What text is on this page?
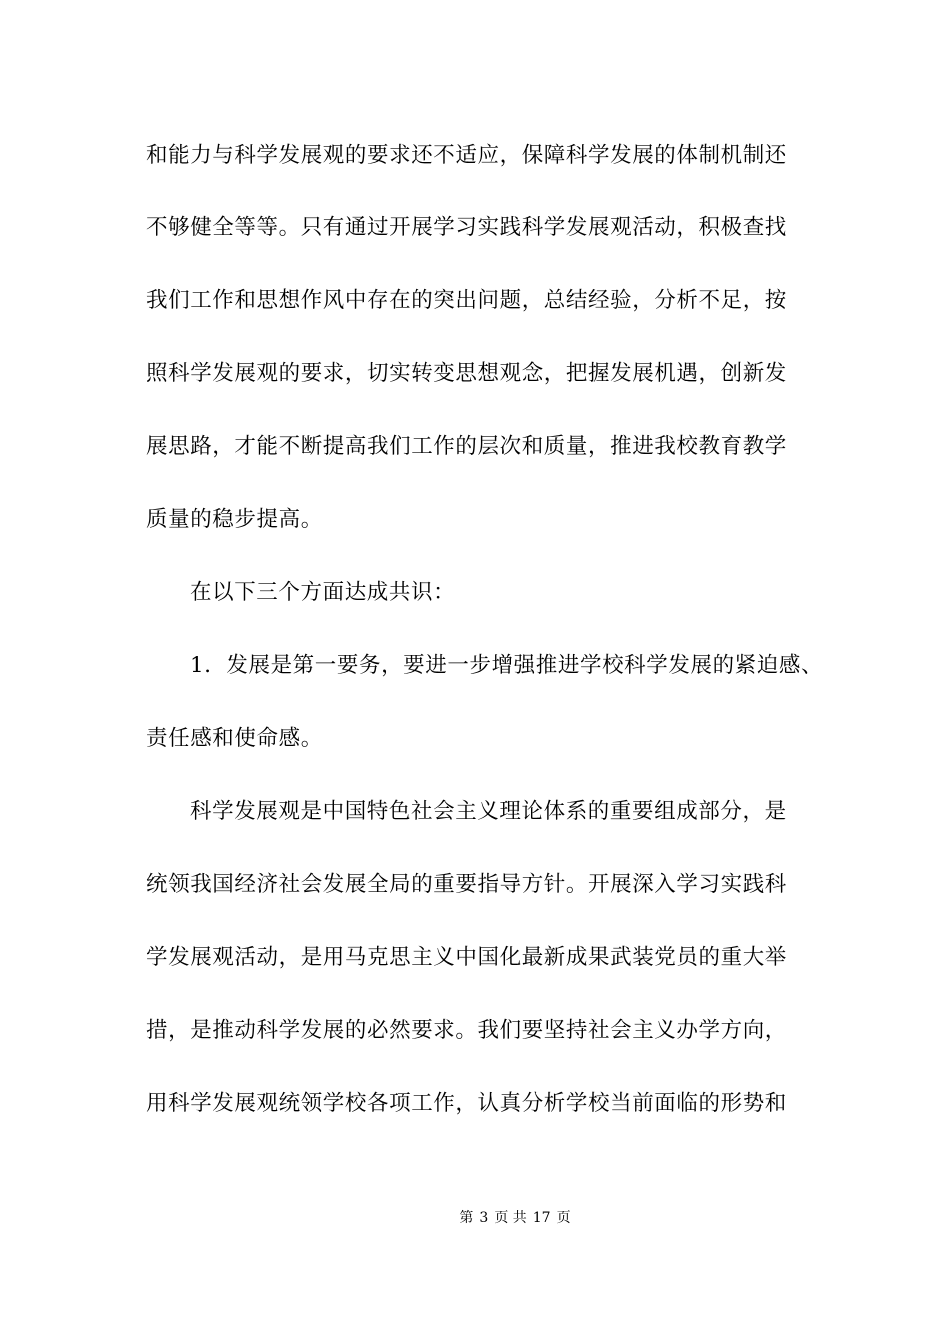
和能力与科学发展观的要求还不适应，保障科学发展的体制机制还
不够健全等等。只有通过开展学习实践科学发展观活动，积极查找
我们工作和思想作风中存在的突出问题，总结经验，分析不足，按
照科学发展观的要求，切实转变思想观念，把握发展机遇，创新发
展思路，才能不断提高我们工作的层次和质量，推进我校教育教学
质量的稳步提高。
在以下三个方面达成共识：
1．发展是第一要务，要进一步增强推进学校科学发展的紧迫感、
责任感和使命感。
科学发展观是中国特色社会主义理论体系的重要组成部分，是
统领我国经济社会发展全局的重要指导方针。开展深入学习实践科
学发展观活动，是用马克思主义中国化最新成果武装党员的重大举
措，是推动科学发展的必然要求。我们要坚持社会主义办学方向，
用科学发展观统领学校各项工作，认真分析学校当前面临的形势和
第 3 页 共 17 页
